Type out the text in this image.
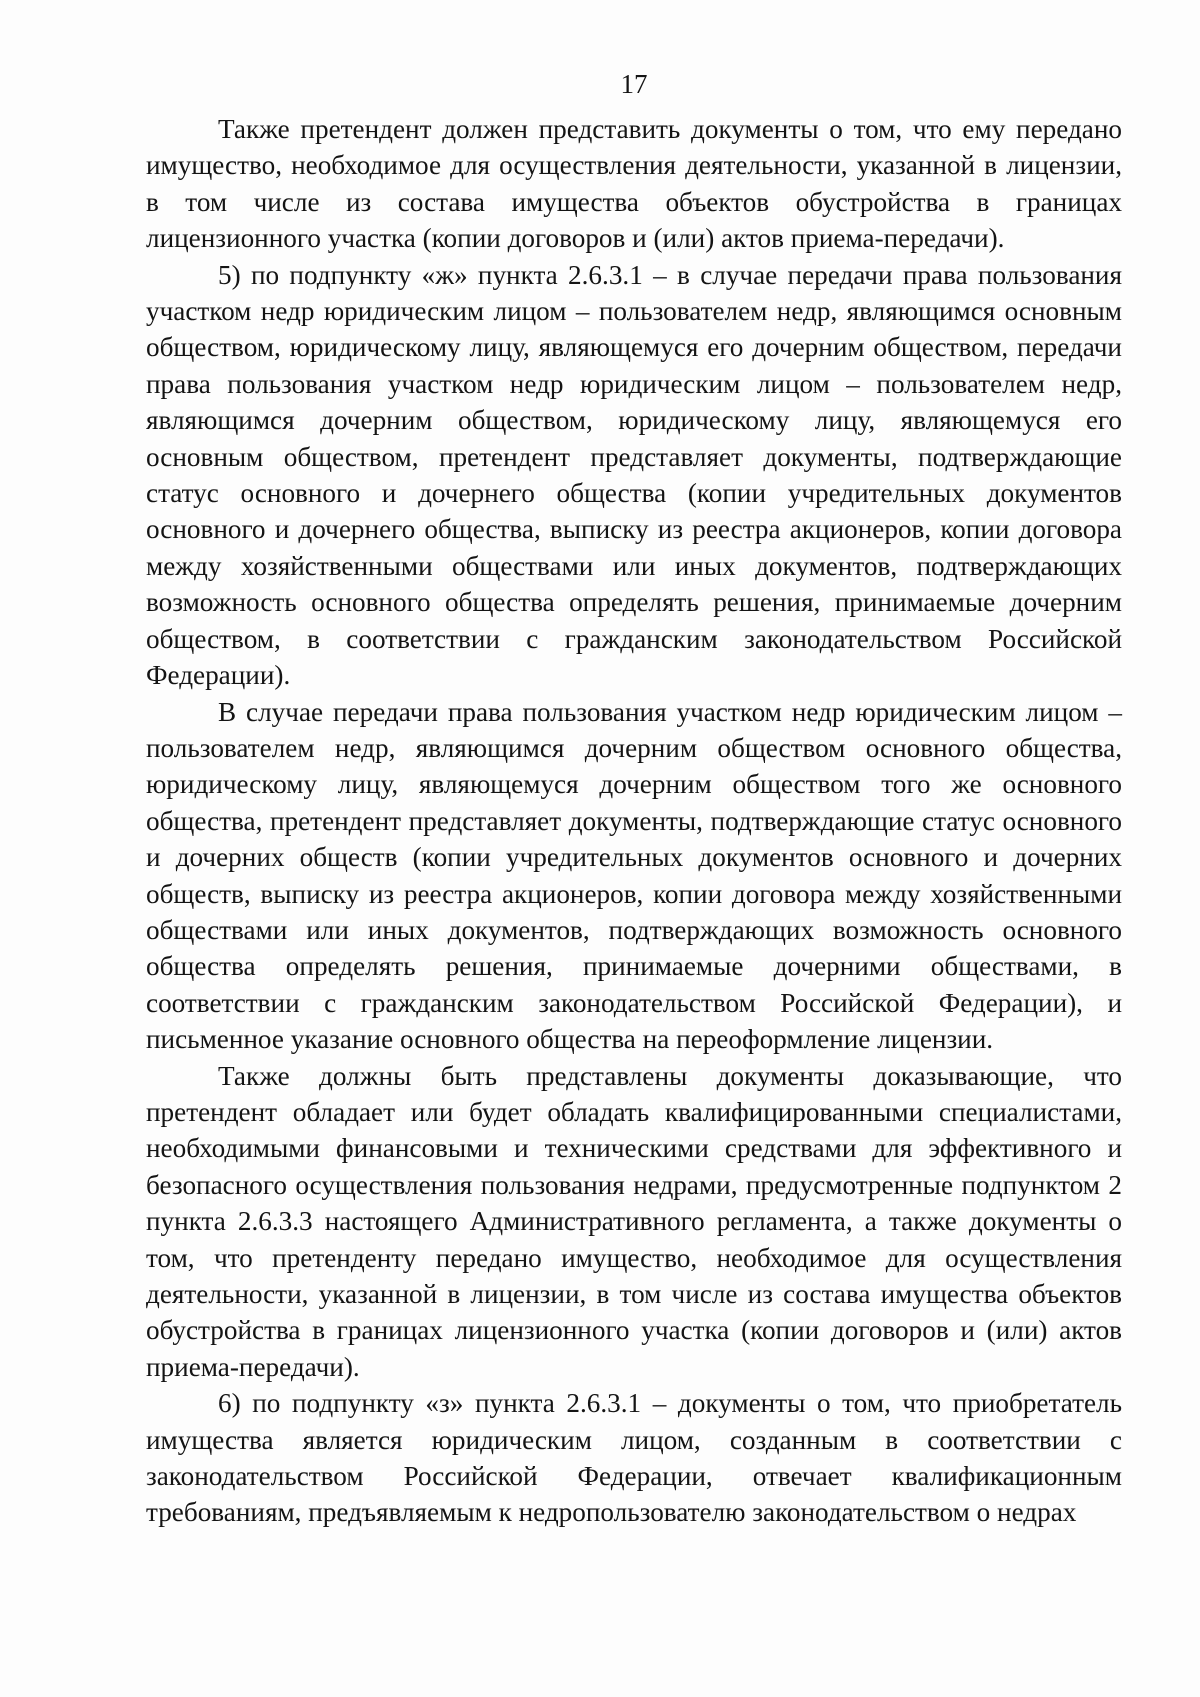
17

Также претендент должен представить документы о том, что ему передано имущество, необходимое для осуществления деятельности, указанной в лицензии, в том числе из состава имущества объектов обустройства в границах лицензионного участка (копии договоров и (или) актов приема-передачи).

5) по подпункту «ж» пункта 2.6.3.1 – в случае передачи права пользования участком недр юридическим лицом – пользователем недр, являющимся основным обществом, юридическому лицу, являющемуся его дочерним обществом, передачи права пользования участком недр юридическим лицом – пользователем недр, являющимся дочерним обществом, юридическому лицу, являющемуся его основным обществом, претендент представляет документы, подтверждающие статус основного и дочернего общества (копии учредительных документов основного и дочернего общества, выписку из реестра акционеров, копии договора между хозяйственными обществами или иных документов, подтверждающих возможность основного общества определять решения, принимаемые дочерним обществом, в соответствии с гражданским законодательством Российской Федерации).

В случае передачи права пользования участком недр юридическим лицом – пользователем недр, являющимся дочерним обществом основного общества, юридическому лицу, являющемуся дочерним обществом того же основного общества, претендент представляет документы, подтверждающие статус основного и дочерних обществ (копии учредительных документов основного и дочерних обществ, выписку из реестра акционеров, копии договора между хозяйственными обществами или иных документов, подтверждающих возможность основного общества определять решения, принимаемые дочерними обществами, в соответствии с гражданским законодательством Российской Федерации), и письменное указание основного общества на переоформление лицензии.

Также должны быть представлены документы доказывающие, что претендент обладает или будет обладать квалифицированными специалистами, необходимыми финансовыми и техническими средствами для эффективного и безопасного осуществления пользования недрами, предусмотренные подпунктом 2 пункта 2.6.3.3 настоящего Административного регламента, а также документы о том, что претенденту передано имущество, необходимое для осуществления деятельности, указанной в лицензии, в том числе из состава имущества объектов обустройства в границах лицензионного участка (копии договоров и (или) актов приема-передачи).

6) по подпункту «з» пункта 2.6.3.1 – документы о том, что приобретатель имущества является юридическим лицом, созданным в соответствии с законодательством Российской Федерации, отвечает квалификационным требованиям, предъявляемым к недропользователю законодательством о недрах
